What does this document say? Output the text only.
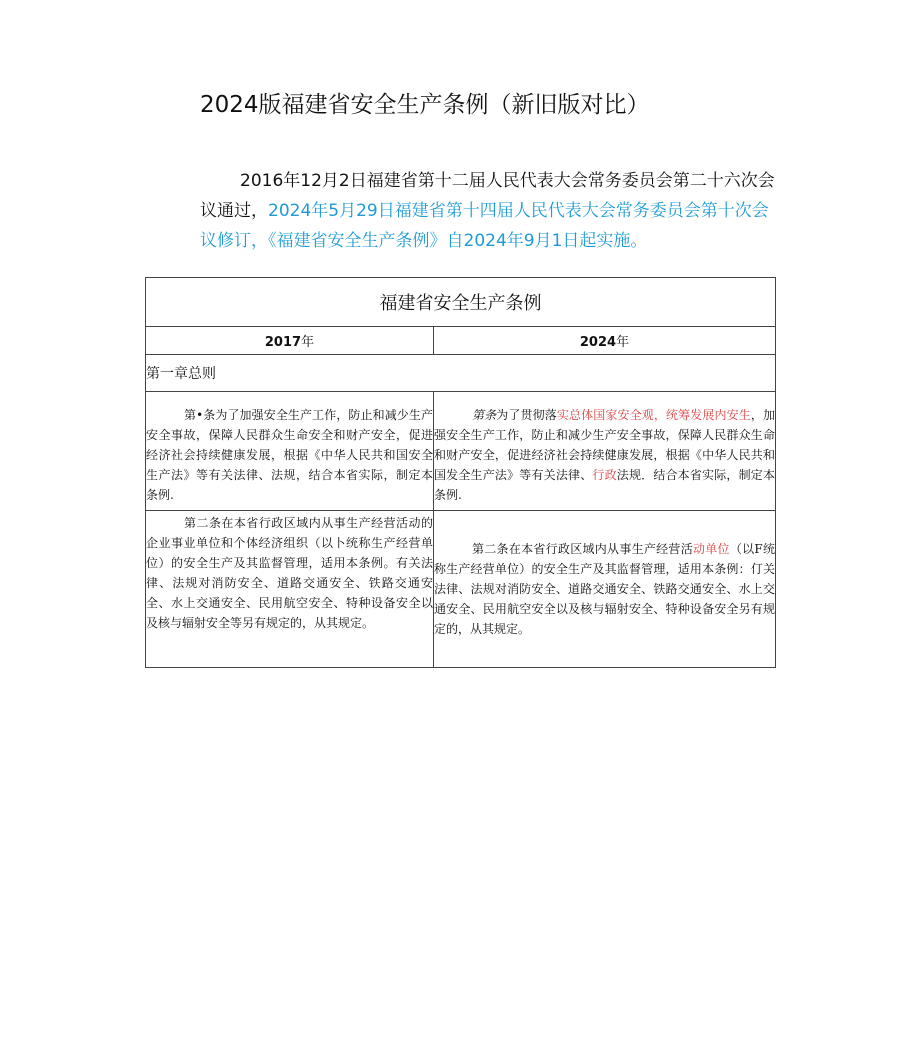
2024版福建省安全生产条例（新旧版对比）
2016年12月2日福建省第十二届人民代表大会常务委员会第二十六次会议通过，2024年5月29日福建省第十四届人民代表大会常务委员会第十次会议修订，《福建省安全生产条例》自2024年9月1日起实施。
福建省安全生产条例	
2017年	2024年
第一章总则	

第•条为了加强安全生产工作，防止和减少生产安全事故，保障人民群众生命安全和财产安全，促进经济社会持续健康发展，根据《中华人民共和国安全生产法》等有关法律、法规，结合本省实际，制定本条例.	第条为了贯彻落实总体国家安全观，统筹发展内安生，加强安全生产工作，防止和减少生产安全事故，保障人民群众生命和财产安全，促进经济社会持续健康发展，根据《中华人民共和国发全生产法》等有关法律、行政法规．结合本省实际，制定本条例.

第二条在本省行政区域内从事生产经营活动的企业事业单位和个体经济组织（以卜统称生产经营单位）的安全生产及其监督管理，适用本条例。有关法律、法规对消防安全、道路交通安全、铁路交通安全、水上交通安全、民用航空安全、特种设备安全以及核与辐射安全等另有规定的，从其规定。	第二条在本省行政区域内从事生产经营活动单位（以F统称生产经营单位）的安全生产及其监督管理，适用本条例：仃关法律、法规对消防安全、道路交通安全、铁路交通安全、水上交通安全、民用航空安全以及核与辐射安全、特种设备安全另有规定的，从其规定。
